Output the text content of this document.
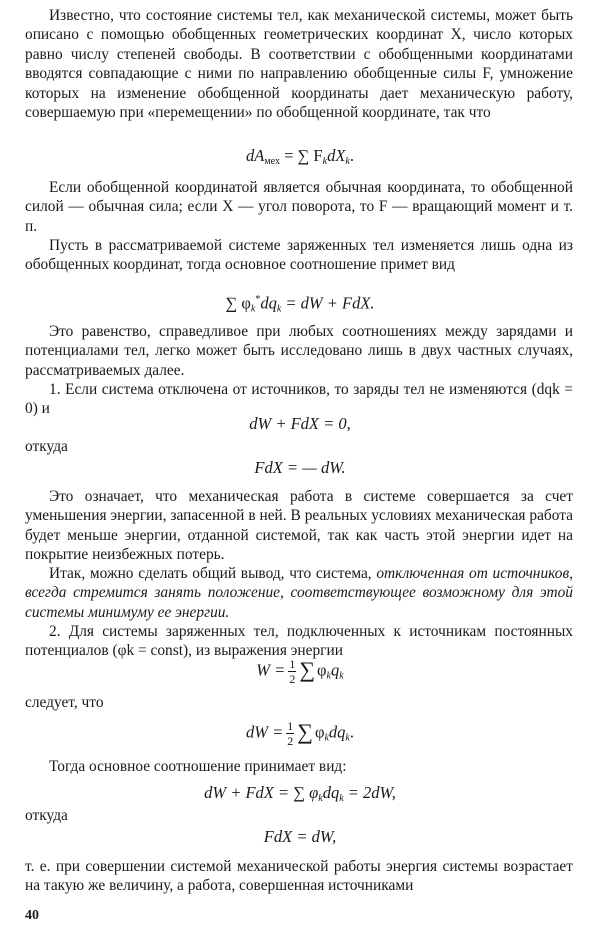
Известно, что состояние системы тел, как механической системы, может быть описано с помощью обобщенных геометрических координат X, число которых равно числу степеней свободы. В соответствии с обобщенными координатами вводятся совпадающие с ними по направлению обобщенные силы F, умножение которых на изменение обобщенной координаты дает механическую работу, совершаемую при «перемещении» по обобщенной координате, так что
$dA_{мех}$ = ∑ $F_kdX_k$.
Если обобщенной координатой является обычная координата, то обобщенной силой — обычная сила; если X — угол поворота, то F — вращающий момент и т. п.
Пусть в рассматриваемой системе заряженных тел изменяется лишь одна из обобщенных координат, тогда основное соотношение примет вид
∑ $\varphi_k^*dq_k$ = dW + FdX.
Это равенство, справедливое при любых соотношениях между зарядами и потенциалами тел, легко может быть исследовано лишь в двух частных случаях, рассматриваемых далее.
1. Если система отключена от источников, то заряды тел не изменяются (dqk = 0) и
dW + FdX = 0,
откуда
FdX = — dW.
Это означает, что механическая работа в системе совершается за счет уменьшения энергии, запасенной в ней. В реальных условиях механическая работа будет меньше энергии, отданной системой, так как часть этой энергии идет на покрытие неизбежных потерь.
Итак, можно сделать общий вывод, что система, отключенная от источников, всегда стремится занять положение, соответствующее возможному для этой системы минимуму ее энергии.
2. Для системы заряженных тел, подключенных к источникам постоянных потенциалов (φk = const), из выражения энергии
$W = \frac{1}{2}$ ∑ $\varphi_kq_k$
следует, что
dW = $\frac{1}{2}$ ∑ $\varphi_kdq_k$.
Тогда основное соотношение принимает вид:
dW + FdX = ∑ $\varphi_kdq_k = 2dW$,
откуда
FdX = dW,
т. е. при совершении системой механической работы энергия системы возрастает на такую же величину, а работа, совершенная источниками
40
